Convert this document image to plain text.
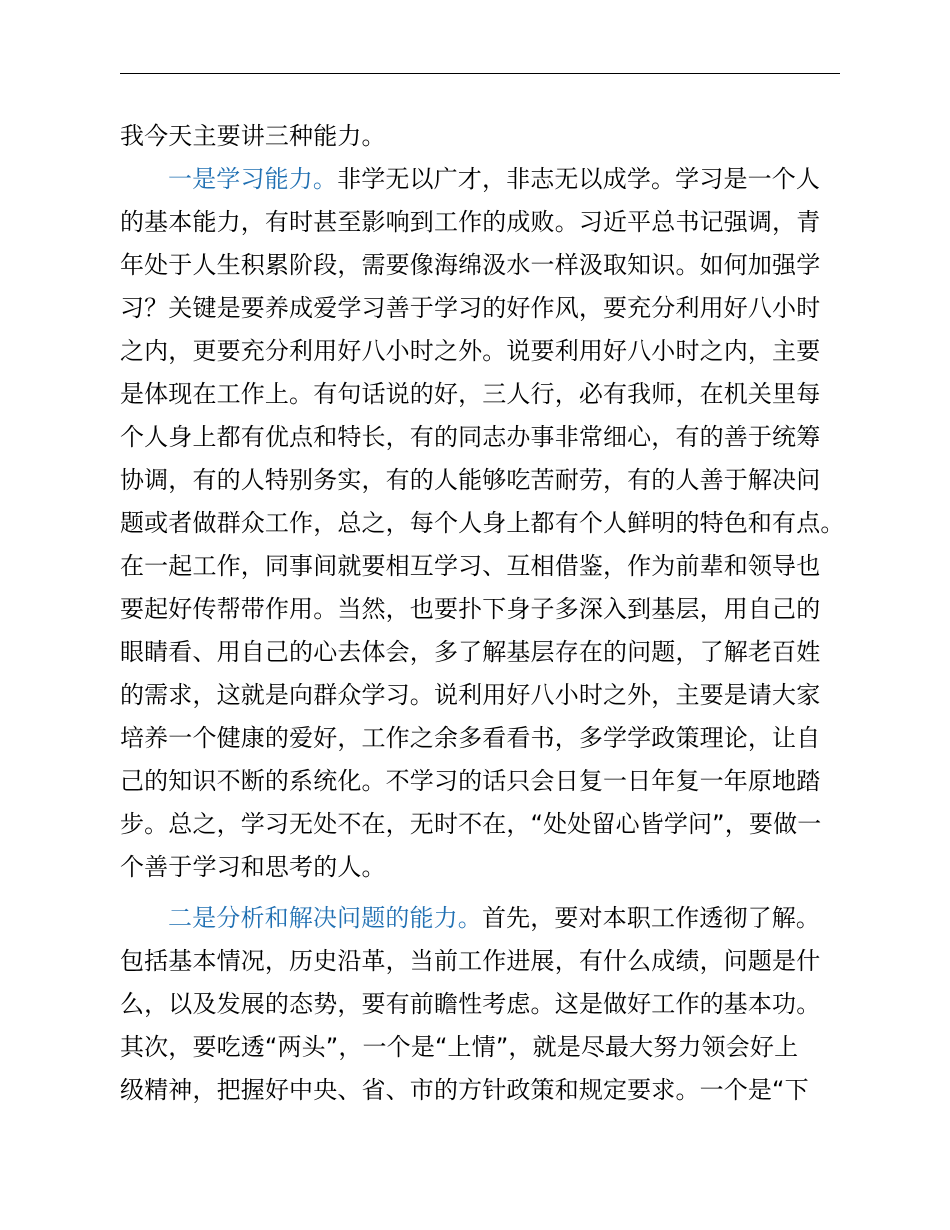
我今天主要讲三种能力。
一是学习能力。非学无以广才，非志无以成学。学习是一个人
的基本能力，有时甚至影响到工作的成败。习近平总书记强调，青
年处于人生积累阶段，需要像海绵汲水一样汲取知识。如何加强学
习？关键是要养成爱学习善于学习的好作风，要充分利用好八小时
之内，更要充分利用好八小时之外。说要利用好八小时之内，主要
是体现在工作上。有句话说的好，三人行，必有我师，在机关里每
个人身上都有优点和特长，有的同志办事非常细心，有的善于统筹
协调，有的人特别务实，有的人能够吃苦耐劳，有的人善于解决问
题或者做群众工作，总之，每个人身上都有个人鲜明的特色和有点。
在一起工作，同事间就要相互学习、互相借鉴，作为前辈和领导也
要起好传帮带作用。当然，也要扑下身子多深入到基层，用自己的
眼睛看、用自己的心去体会，多了解基层存在的问题，了解老百姓
的需求，这就是向群众学习。说利用好八小时之外，主要是请大家
培养一个健康的爱好，工作之余多看看书，多学学政策理论，让自
己的知识不断的系统化。不学习的话只会日复一日年复一年原地踏
步。总之，学习无处不在，无时不在，“处处留心皆学问”，要做一
个善于学习和思考的人。
二是分析和解决问题的能力。首先，要对本职工作透彻了解。
包括基本情况，历史沿革，当前工作进展，有什么成绩，问题是什
么，以及发展的态势，要有前瞻性考虑。这是做好工作的基本功。
其次，要吃透“两头”，一个是“上情”，就是尽最大努力领会好上
级精神，把握好中央、省、市的方针政策和规定要求。一个是“下
